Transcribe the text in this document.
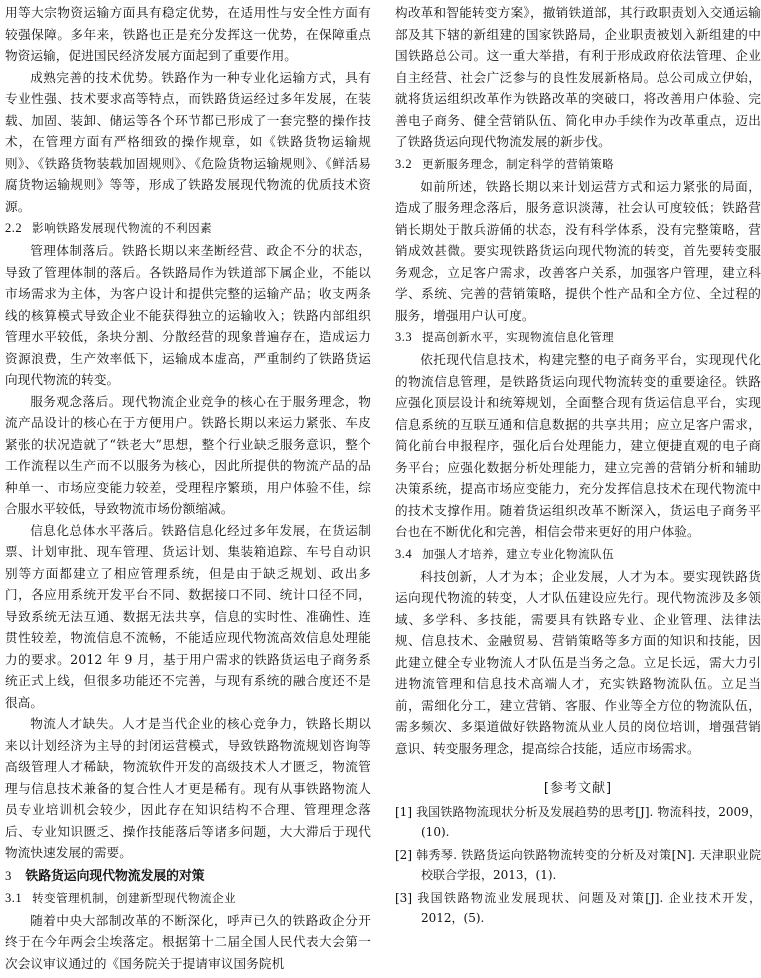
用等大宗物资运输方面具有稳定优势，在适用性与安全性方面有较强保障。多年来，铁路也正是充分发挥这一优势，在保障重点物资运输，促进国民经济发展方面起到了重要作用。

成熟完善的技术优势。铁路作为一种专业化运输方式，具有专业性强、技术要求高等特点，而铁路货运经过多年发展，在装载、加固、装卸、储运等各个环节都已形成了一套完整的操作技术，在管理方面有严格细致的操作规章，如《铁路货物运输规则》、《铁路货物装载加固规则》、《危险货物运输规则》、《鲜活易腐货物运输规则》等等，形成了铁路发展现代物流的优质技术资源。

2.2 影响铁路发展现代物流的不利因素

管理体制落后。铁路长期以来垄断经营、政企不分的状态，导致了管理体制的落后。各铁路局作为铁道部下属企业，不能以市场需求为主体，为客户设计和提供完整的运输产品；收支两条线的核算模式导致企业不能获得独立的运输收入；铁路内部组织管理水平较低，条块分割、分散经营的现象普遍存在，造成运力资源浪费，生产效率低下，运输成本虚高，严重制约了铁路货运向现代物流的转变。

服务观念落后。现代物流企业竞争的核心在于服务理念，物流产品设计的核心在于方便用户。铁路长期以来运力紧张、车皮紧张的状况造就了“铁老大”思想，整个行业缺乏服务意识，整个工作流程以生产而不以服务为核心，因此所提供的物流产品的品种单一、市场应变能力较差，受理程序繁琐，用户体验不佳，综合服水平较低，导致物流市场份额缩减。

信息化总体水平落后。铁路信息化经过多年发展，在货运制票、计划审批、现车管理、货运计划、集装箱追踪、车号自动识别等方面都建立了相应管理系统，但是由于缺乏规划、政出多门，各应用系统开发平台不同、数据接口不同、统计口径不同，导致系统无法互通、数据无法共享，信息的实时性、准确性、连贯性较差，物流信息不流畅，不能适应现代物流高效信息处理能力的要求。2012 年 9 月，基于用户需求的铁路货运电子商务系统正式上线，但很多功能还不完善，与现有系统的融合度还不是很高。

物流人才缺失。人才是当代企业的核心竞争力，铁路长期以来以计划经济为主导的封闭运营模式，导致铁路物流规划咨询等高级管理人才稀缺，物流软件开发的高级技术人才匮乏，物流管理与信息技术兼备的复合性人才更是稀有。现有从事铁路物流人员专业培训机会较少，因此存在知识结构不合理、管理理念落后、专业知识匮乏、操作技能落后等诸多问题，大大滞后于现代物流快速发展的需要。

3 铁路货运向现代物流发展的对策
3.1 转变管理机制，创建新型现代物流企业

随着中央大部制改革的不断深化，呼声已久的铁路政企分开终于在今年两会尘埃落定。根据第十二届全国人民代表大会第一次会议审议通过的《国务院关于提请审议国务院机

构改革和智能转变方案》，撤销铁道部，其行政职责划入交通运输部及其下辖的新组建的国家铁路局，企业职责被划入新组建的中国铁路总公司。这一重大举措，有利于形成政府依法管理、企业自主经营、社会广泛参与的良性发展新格局。总公司成立伊始，就将货运组织改革作为铁路改革的突破口，将改善用户体验、完善电子商务、健全营销队伍、简化申办手续作为改革重点，迈出了铁路货运向现代物流发展的新步伐。

3.2 更新服务理念，制定科学的营销策略

如前所述，铁路长期以来计划运营方式和运力紧张的局面，造成了服务理念落后，服务意识淡薄，社会认可度较低；铁路营销长期处于散兵游俑的状态，没有科学体系，没有完整策略，营销成效甚微。要实现铁路货运向现代物流的转变，首先要转变服务观念，立足客户需求，改善客户关系，加强客户管理，建立科学、系统、完善的营销策略，提供个性产品和全方位、全过程的服务，增强用户认可度。

3.3 提高创新水平，实现物流信息化管理

依托现代信息技术，构建完整的电子商务平台，实现现代化的物流信息管理，是铁路货运向现代物流转变的重要途径。铁路应强化顶层设计和统筹规划，全面整合现有货运信息平台，实现信息系统的互联互通和信息数据的共享共用；应立足客户需求，简化前台申报程序，强化后台处理能力，建立便捷直观的电子商务平台；应强化数据分析处理能力，建立完善的营销分析和辅助决策系统，提高市场应变能力，充分发挥信息技术在现代物流中的技术支撑作用。随着货运组织改革不断深入，货运电子商务平台也在不断优化和完善，相信会带来更好的用户体验。

3.4 加强人才培养，建立专业化物流队伍

科技创新，人才为本；企业发展，人才为本。要实现铁路货运向现代物流的转变，人才队伍建设应先行。现代物流涉及多领域、多学科、多技能，需要具有铁路专业、企业管理、法律法规、信息技术、金融贸易、营销策略等多方面的知识和技能，因此建立健全专业物流人才队伍是当务之急。立足长远，需大力引进物流管理和信息技术高端人才，充实铁路物流队伍。立足当前，需细化分工，建立营销、客服、作业等全方位的物流队伍，需多频次、多渠道做好铁路物流从业人员的岗位培训，增强营销意识、转变服务理念，提高综合技能，适应市场需求。

[参考文献]
[1] 我国铁路物流现状分析及发展趋势的思考[J]. 物流科技，2009，(10).
[2] 韩秀琴. 铁路货运向铁路物流转变的分析及对策[N]. 天津职业院校联合学报，2013，(1).
[3] 我国铁路物流业发展现状、问题及对策[J]. 企业技术开发，2012，(5).
